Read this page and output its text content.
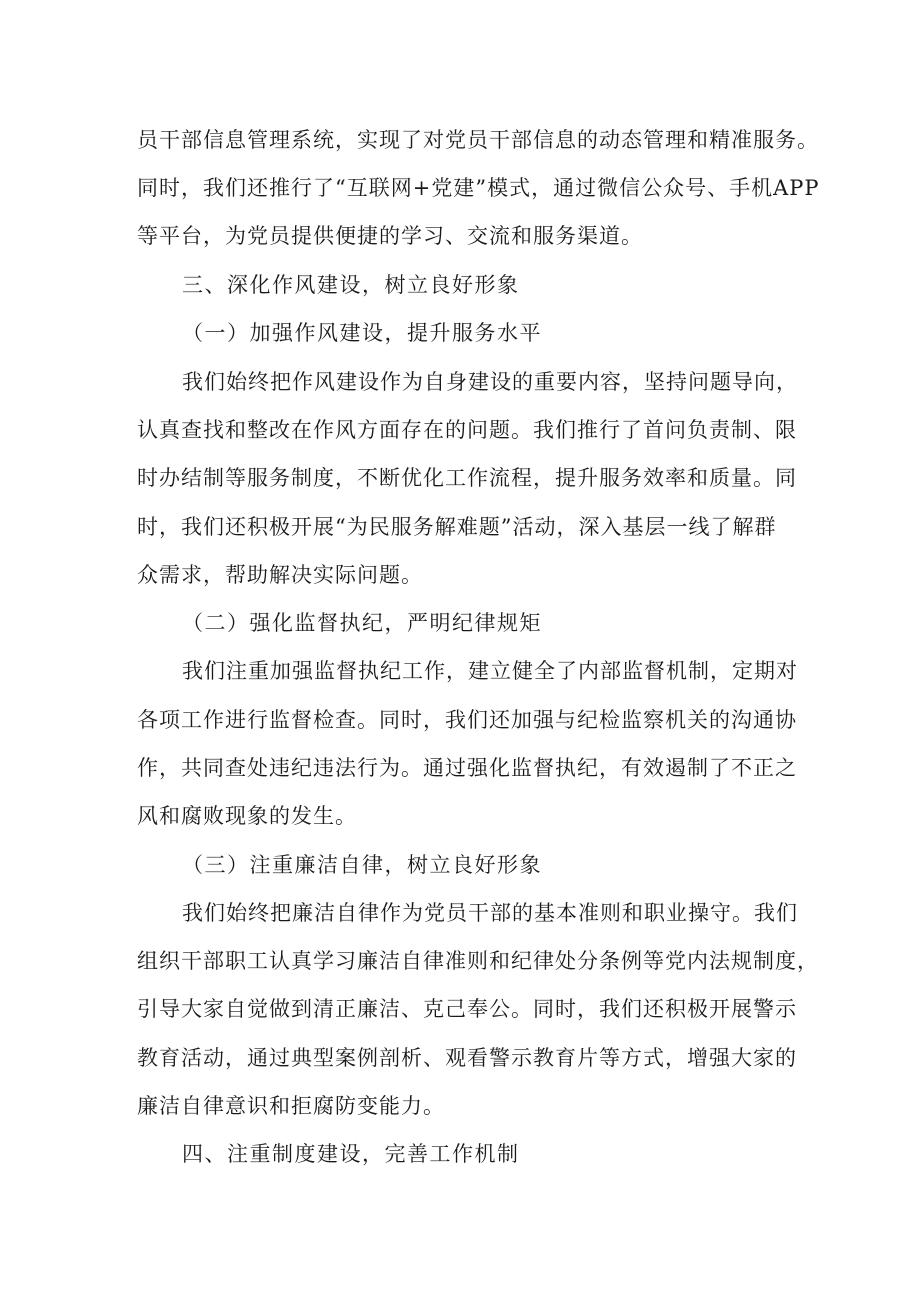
员干部信息管理系统，实现了对党员干部信息的动态管理和精准服务。
同时，我们还推行了“互联网+党建”模式，通过微信公众号、手机APP
等平台，为党员提供便捷的学习、交流和服务渠道。
三、深化作风建设，树立良好形象
（一）加强作风建设，提升服务水平
我们始终把作风建设作为自身建设的重要内容，坚持问题导向，
认真查找和整改在作风方面存在的问题。我们推行了首问负责制、限
时办结制等服务制度，不断优化工作流程，提升服务效率和质量。同
时，我们还积极开展“为民服务解难题”活动，深入基层一线了解群
众需求，帮助解决实际问题。
（二）强化监督执纪，严明纪律规矩
我们注重加强监督执纪工作，建立健全了内部监督机制，定期对
各项工作进行监督检查。同时，我们还加强与纪检监察机关的沟通协
作，共同查处违纪违法行为。通过强化监督执纪，有效遏制了不正之
风和腐败现象的发生。
（三）注重廉洁自律，树立良好形象
我们始终把廉洁自律作为党员干部的基本准则和职业操守。我们
组织干部职工认真学习廉洁自律准则和纪律处分条例等党内法规制度，
引导大家自觉做到清正廉洁、克己奉公。同时，我们还积极开展警示
教育活动，通过典型案例剖析、观看警示教育片等方式，增强大家的
廉洁自律意识和拒腐防变能力。
四、注重制度建设，完善工作机制
